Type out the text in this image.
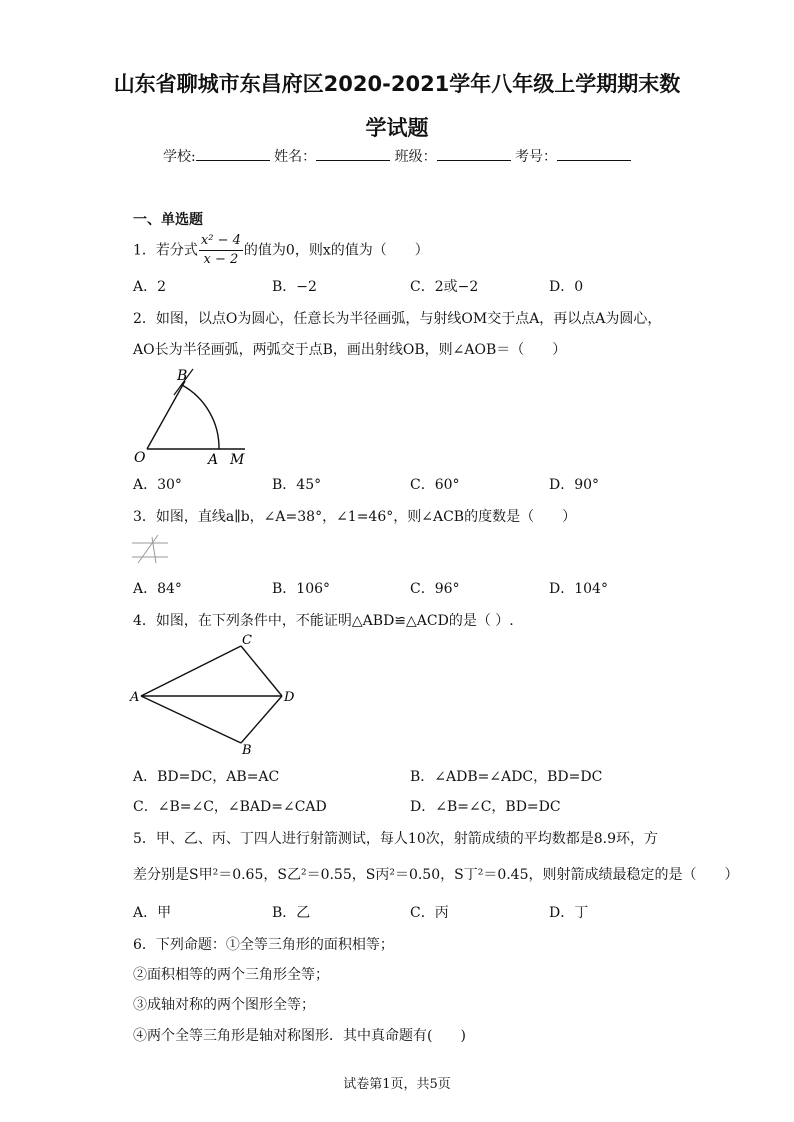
山东省聊城市东昌府区2020-2021学年八年级上学期期末数
学试题
学校:	姓名：	班级：	考号：
一、单选题
1．若分式 $\frac{\text{x² − 4}}{x - 2}$ 的值为0，则x的值为（　　）
A．2	B．−2	C．2或−2	D．0
2．如图，以点O为圆心，任意长为半径画弧，与射线OM交于点A，再以点A为圆心，
AO长为半径画弧，两弧交于点B，画出射线OB，则∠AOB＝（　　）
O	A M
B
A．30°	B．45°	C．60°	D．90°
3．如图，直线a∥b，∠A=38°，∠1=46°，则∠ACB的度数是（　　）
A．84°	B．106°	C．96°	D．104°
4．如图，在下列条件中，不能证明△ABD≌△ACD的是（ ）.
A
C
D
B
A．BD=DC，AB=AC	B．∠ADB=∠ADC，BD=DC
C．∠B=∠C，∠BAD=∠CAD	D．∠B=∠C，BD=DC
5．甲、乙、丙、丁四人进行射箭测试，每人10次，射箭成绩的平均数都是8.9环，方
差分别是S甲²＝0.65，S乙²＝0.55，S丙²＝0.50，S丁²＝0.45，则射箭成绩最稳定的是（　　）
A．甲	B．乙	C．丙	D．丁
6．下列命题：①全等三角形的面积相等；
②面积相等的两个三角形全等；
③成轴对称的两个图形全等；
④两个全等三角形是轴对称图形．其中真命题有(　　)
试卷第1页，共5页
